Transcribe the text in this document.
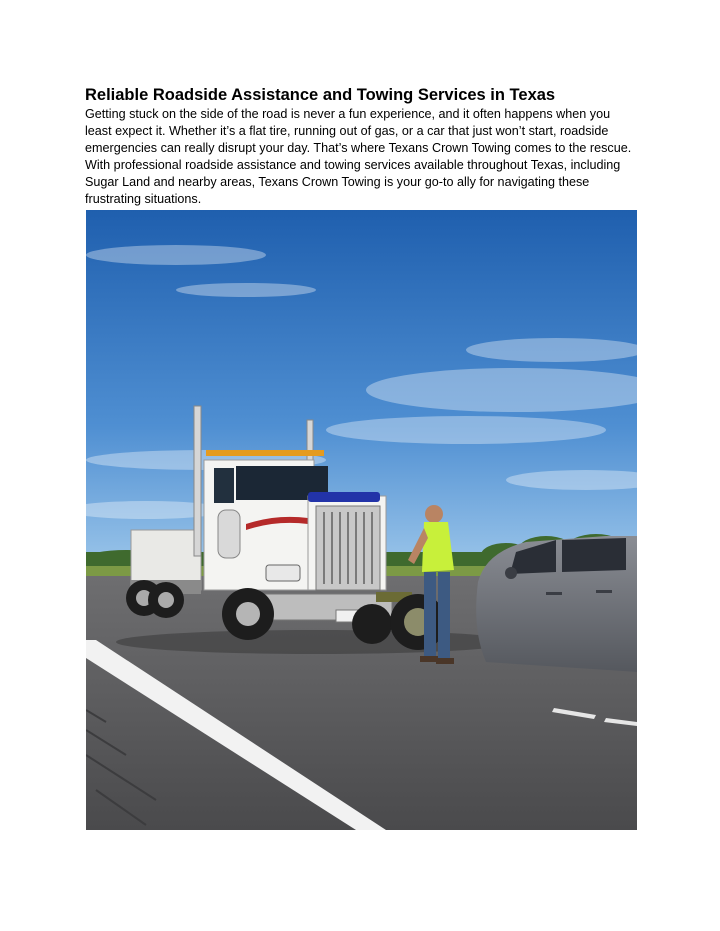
Reliable Roadside Assistance and Towing Services in Texas

Getting stuck on the side of the road is never a fun experience, and it often happens when you least expect it. Whether it’s a flat tire, running out of gas, or a car that just won’t start, roadside emergencies can really disrupt your day. That’s where Texans Crown Towing comes to the rescue. With professional roadside assistance and towing services available throughout Texas, including Sugar Land and nearby areas, Texans Crown Towing is your go-to ally for navigating these frustrating situations.
